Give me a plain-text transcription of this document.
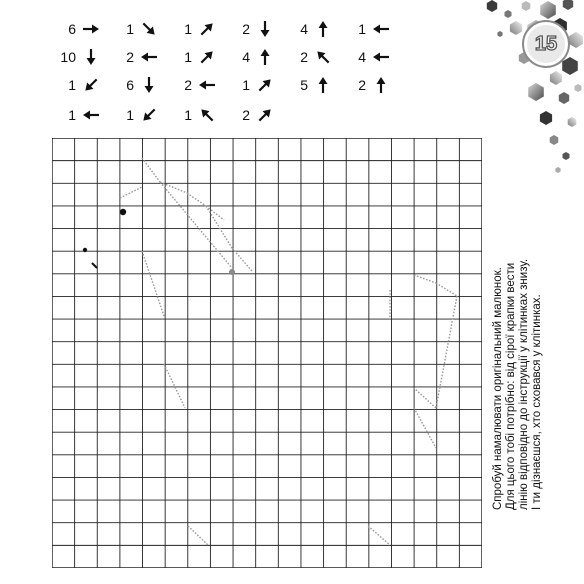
15
6	1	1	2	4	1
10	2	1	4	2	4
1	6	2	1	5	2
1	1	1	2
Спробуй намалювати оригінальний малюнок. Для цього тобі потрібно: від сірої крапки вести лінію відповідно до інструкції у клітинках знизу. І ти дізнаєшся, хто сховався у клітинках.
